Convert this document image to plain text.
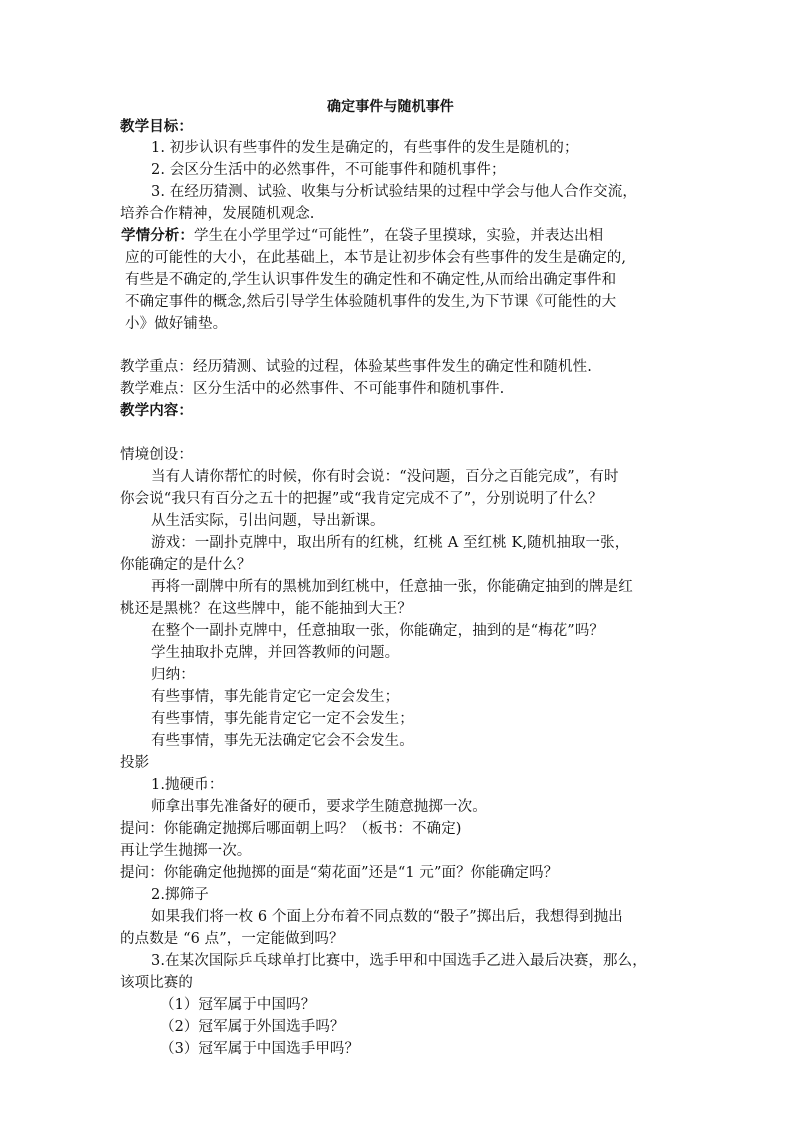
确定事件与随机事件
教学目标：
1. 初步认识有些事件的发生是确定的，有些事件的发生是随机的；
2. 会区分生活中的必然事件，不可能事件和随机事件；
3. 在经历猜测、试验、收集与分析试验结果的过程中学会与他人合作交流，
培养合作精神，发展随机观念.
学情分析：学生在小学里学过“可能性”，在袋子里摸球，实验，并表达出相
应的可能性的大小，在此基础上，本节是让初步体会有些事件的发生是确定的,
有些是不确定的,学生认识事件发生的确定性和不确定性,从而给出确定事件和
不确定事件的概念,然后引导学生体验随机事件的发生,为下节课《可能性的大
小》做好铺垫。
教学重点：经历猜测、试验的过程，体验某些事件发生的确定性和随机性.
教学难点：区分生活中的必然事件、不可能事件和随机事件.
教学内容：
情境创设：
当有人请你帮忙的时候，你有时会说：“没问题，百分之百能完成”，有时
你会说“我只有百分之五十的把握”或“我肯定完成不了”，分别说明了什么？
从生活实际，引出问题，导出新课。
游戏：一副扑克牌中，取出所有的红桃，红桃 A 至红桃 K,随机抽取一张，
你能确定的是什么？
再将一副牌中所有的黑桃加到红桃中，任意抽一张，你能确定抽到的牌是红
桃还是黑桃？在这些牌中，能不能抽到大王？
在整个一副扑克牌中，任意抽取一张，你能确定，抽到的是“梅花”吗？
学生抽取扑克牌，并回答教师的问题。
归纳：
有些事情，事先能肯定它一定会发生；
有些事情，事先能肯定它一定不会发生；
有些事情，事先无法确定它会不会发生。
投影
1.抛硬币：
师拿出事先准备好的硬币，要求学生随意抛掷一次。
提问：你能确定抛掷后哪面朝上吗？（板书：不确定)
再让学生抛掷一次。
提问：你能确定他抛掷的面是“菊花面”还是“1 元”面？你能确定吗？
2.掷筛子
如果我们将一枚 6 个面上分布着不同点数的“骰子”掷出后，我想得到抛出
的点数是 “6 点”，一定能做到吗？
3.在某次国际乒乓球单打比赛中，选手甲和中国选手乙进入最后决赛，那么，
该项比赛的
（1）冠军属于中国吗？
（2）冠军属于外国选手吗？
（3）冠军属于中国选手甲吗？
